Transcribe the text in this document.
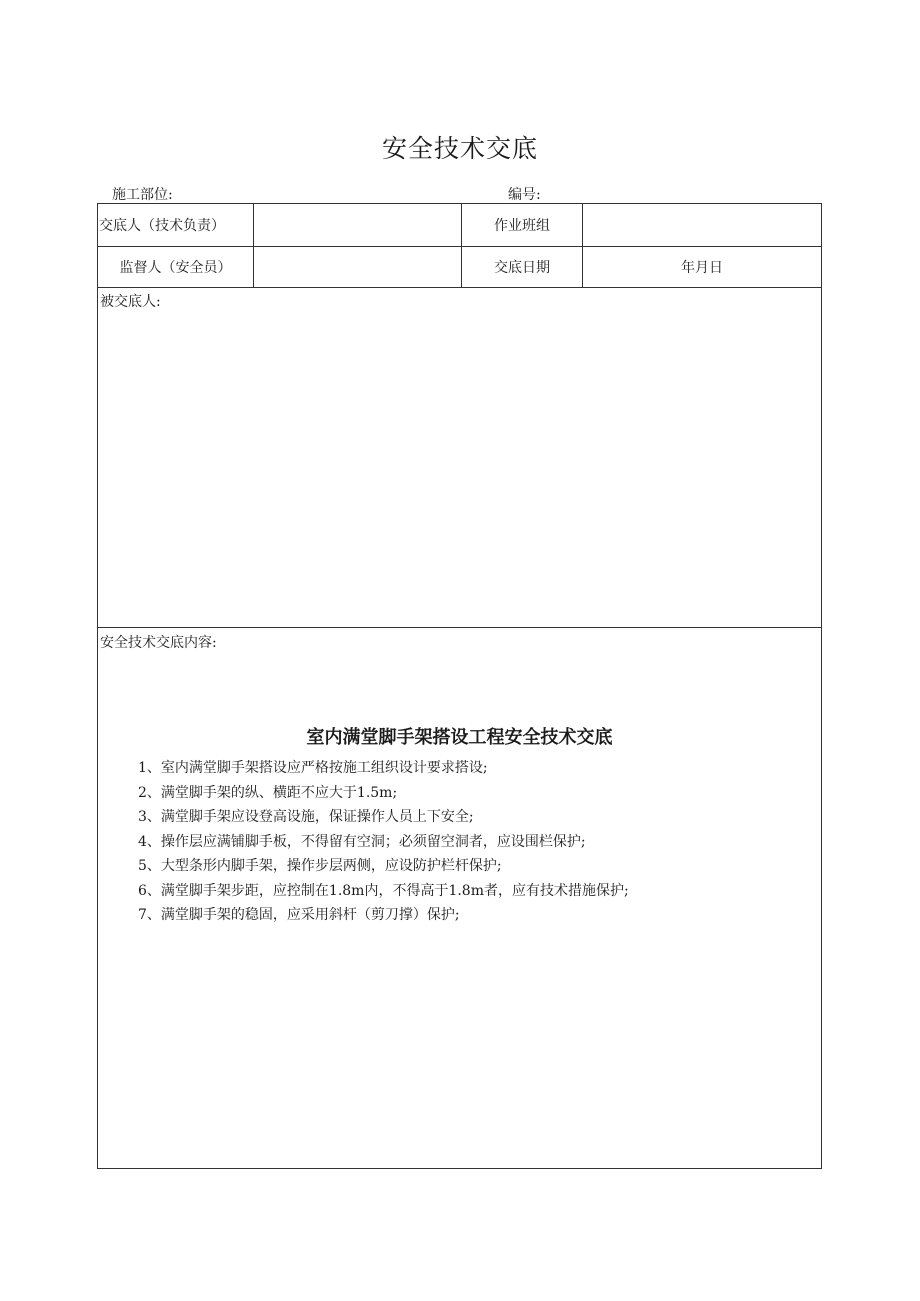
安全技术交底
施工部位:	编号:
交底人（技术负责）	作业班组
监督人（安全员）	交底日期	年月日
被交底人:
安全技术交底内容:
室内满堂脚手架搭设工程安全技术交底
1、室内满堂脚手架搭设应严格按施工组织设计要求搭设;
2、满堂脚手架的纵、横距不应大于1.5m;
3、满堂脚手架应设登高设施，保证操作人员上下安全;
4、操作层应满铺脚手板，不得留有空洞；必须留空洞者，应设围栏保护;
5、大型条形内脚手架，操作步层两侧，应设防护栏杆保护;
6、满堂脚手架步距，应控制在1.8m内，不得高于1.8m者，应有技术措施保护;
7、满堂脚手架的稳固，应采用斜杆（剪刀撑）保护;
